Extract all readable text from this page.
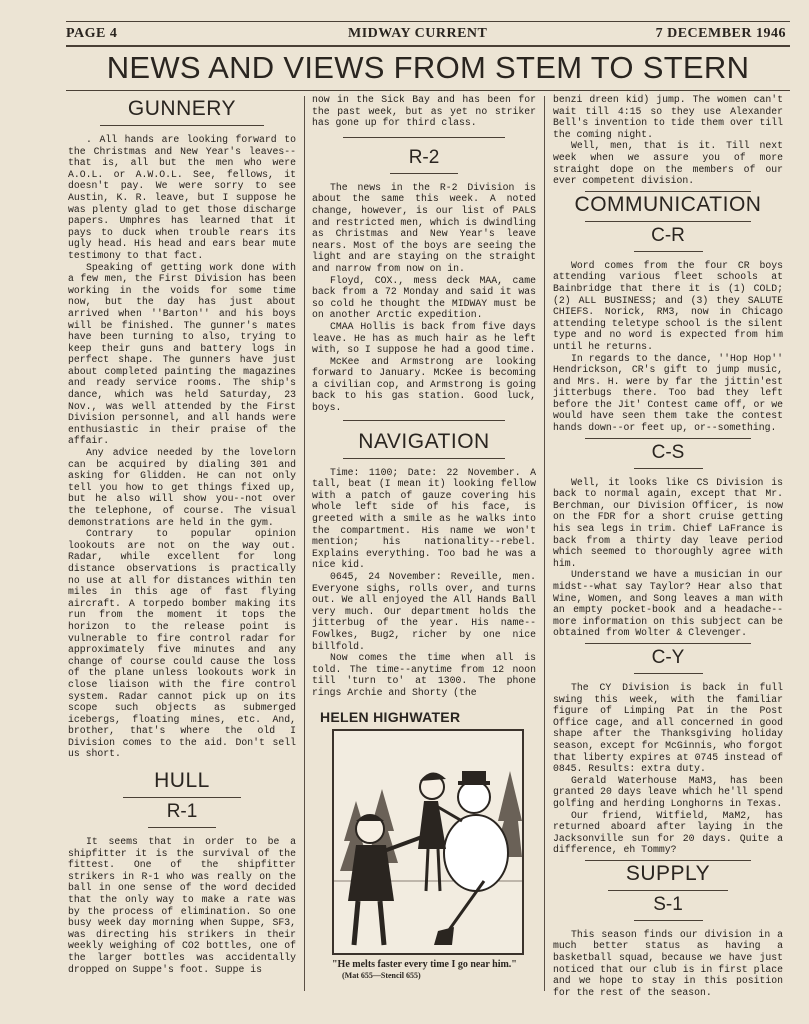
PAGE 4	MIDWAY CURRENT	7 DECEMBER 1946
NEWS AND VIEWS FROM STEM TO STERN
GUNNERY

. All hands are looking forward to the Christmas and New Year's leaves--that is, all but the men who were A.O.L. or A.W.O.L. See, fellows, it doesn't pay. We were sorry to see Austin, K. R. leave, but I suppose he was plenty glad to get those discharge papers. Umphres has learned that it pays to duck when trouble rears its ugly head. His head and ears bear mute testimony to that fact.

Speaking of getting work done with a few men, the First Division has been working in the voids for some time now, but the day has just about arrived when ''Barton'' and his boys will be finished. The gunner's mates have been turning to also, trying to keep their guns and battery logs in perfect shape. The gunners have just about completed painting the magazines and ready service rooms. The ship's dance, which was held Saturday, 23 Nov., was well attended by the First Division personnel, and all hands were enthusiastic in their praise of the affair.

Any advice needed by the lovelorn can be acquired by dialing 301 and asking for Glidden. He can not only tell you how to get things fixed up, but he also will show you--not over the telephone, of course. The visual demonstrations are held in the gym.

Contrary to popular opinion lookouts are not on the way out. Radar, while excellent for long distance observations is practically no use at all for distances within ten miles in this age of fast flying aircraft. A torpedo bomber making its run from the moment it tops the horizon to the release point is vulnerable to fire control radar for approximately five minutes and any change of course could cause the loss of the plane unless lookouts work in close liaison with the fire control system. Radar cannot pick up on its scope such objects as submerged icebergs, floating mines, etc. And, brother, that's where the old I Division comes to the aid. Don't sell us short.

HULL
R-1

It seems that in order to be a shipfitter it is the survival of the fittest. One of the shipfitter strikers in R-1 who was really on the ball in one sense of the word decided that the only way to make a rate was by the process of elimination. So one busy week day morning when Suppe, SF3, was directing his strikers in their weekly weighing of CO2 bottles, one of the larger bottles was accidentally dropped on Suppe's foot. Suppe is

now in the Sick Bay and has been for the past week, but as yet no striker has gone up for third class.

R-2

The news in the R-2 Division is about the same this week. A noted change, however, is our list of PALS and restricted men, which is dwindling as Christmas and New Year's leave nears. Most of the boys are seeing the light and are staying on the straight and narrow from now on in.

Floyd, COX., mess deck MAA, came back from a 72 Monday and said it was so cold he thought the MIDWAY must be on another Arctic expedition.

CMAA Hollis is back from five days leave. He has as much hair as he left with, so I suppose he had a good time.

McKee and Armstrong are looking forward to January. McKee is becoming a civilian cop, and Armstrong is going back to his gas station. Good luck, boys.

NAVIGATION

Time: 1100; Date: 22 November. A tall, beat (I mean it) looking fellow with a patch of gauze covering his whole left side of his face, is greeted with a smile as he walks into the compartment. His name we won't mention; his nationality--rebel. Explains everything. Too bad he was a nice kid.

0645, 24 November: Reveille, men. Everyone sighs, rolls over, and turns out. We all enjoyed the All Hands Ball very much. Our department holds the jitterbug of the year. His name--Fowlkes, Bug2, richer by one nice billfold.

Now comes the time when all is told. The time--anytime from 12 noon till 'turn to' at 1300. The phone rings Archie and Shorty (the

HELEN HIGHWATER
"He melts faster every time I go near him." (Mat 655—Stencil 655)

benzi dreen kid) jump. The women can't wait till 4:15 so they use Alexander Bell's invention to tide them over till the coming night.

Well, men, that is it. Till next week when we assure you of more straight dope on the members of our ever competent division.

COMMUNICATION
C-R

Word comes from the four CR boys attending various fleet schools at Bainbridge that there it is (1) COLD; (2) ALL BUSINESS; and (3) they SALUTE CHIEFS. Norick, RM3, now in Chicago attending teletype school is the silent type and no word is expected from him until he returns.

In regards to the dance, ''Hop Hop'' Hendrickson, CR's gift to jump music, and Mrs. H. were by far the jittin'est jitterbugs there. Too bad they left before the Jit' Contest came off, or we would have seen them take the contest hands down--or feet up, or--something.

C-S

Well, it looks like CS Division is back to normal again, except that Mr. Berchman, our Division Officer, is now on the FDR for a short cruise getting his sea legs in trim. Chief LaFrance is back from a thirty day leave period which seemed to thoroughly agree with him.

Understand we have a musician in our midst--what say Taylor? Hear also that Wine, Women, and Song leaves a man with an empty pocket-book and a headache--more information on this subject can be obtained from Wolter & Clevenger.

C-Y

The CY Division is back in full swing this week, with the familiar figure of Limping Pat in the Post Office cage, and all concerned in good shape after the Thanksgiving holiday season, except for McGinnis, who forgot that liberty expires at 0745 instead of 0845. Results: extra duty.

Gerald Waterhouse MaM3, has been granted 20 days leave which he'll spend golfing and herding Longhorns in Texas.

Our friend, Witfield, MaM2, has returned aboard after laying in the Jacksonville sun for 20 days. Quite a difference, eh Tommy?

SUPPLY
S-1

This season finds our division in a much better status as having a basketball squad, because we have just noticed that our club is in first place and we hope to stay in this position for the rest of the season.
